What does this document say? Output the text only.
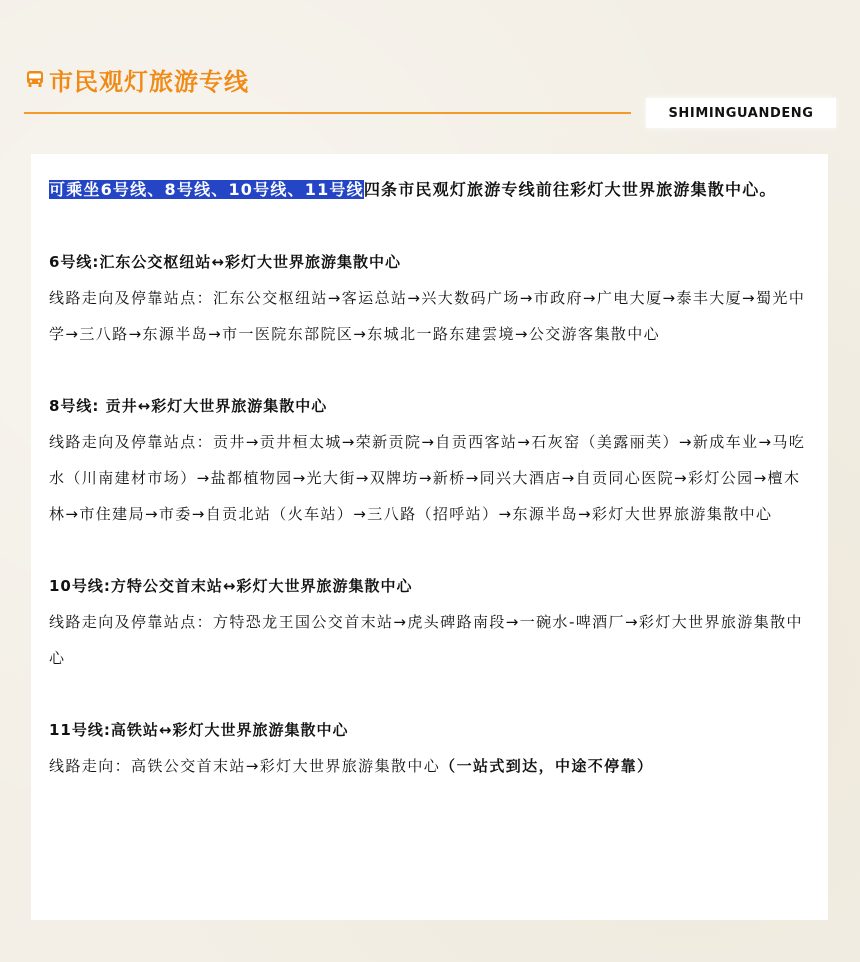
市民观灯旅游专线
SHIMINGUANDENG

可乘坐6号线、8号线、10号线、11号线四条市民观灯旅游专线前往彩灯大世界旅游集散中心。

6号线:汇东公交枢纽站↔彩灯大世界旅游集散中心

线路走向及停靠站点：汇东公交枢纽站→客运总站→兴大数码广场→市政府→广电大厦→泰丰大厦→蜀光中学→三八路→东源半岛→市一医院东部院区→东城北一路东建雲境→公交游客集散中心

8号线: 贡井↔彩灯大世界旅游集散中心

线路走向及停靠站点：贡井→贡井桓太城→荣新贡院→自贡西客站→石灰窑（美露丽芙）→新成车业→马吃水（川南建材市场）→盐都植物园→光大街→双牌坊→新桥→同兴大酒店→自贡同心医院→彩灯公园→檀木林→市住建局→市委→自贡北站（火车站）→三八路（招呼站）→东源半岛→彩灯大世界旅游集散中心

10号线:方特公交首末站↔彩灯大世界旅游集散中心

线路走向及停靠站点：方特恐龙王国公交首末站→虎头碑路南段→一碗水-啤酒厂→彩灯大世界旅游集散中心

11号线:高铁站↔彩灯大世界旅游集散中心

线路走向：高铁公交首末站→彩灯大世界旅游集散中心（一站式到达，中途不停靠）
